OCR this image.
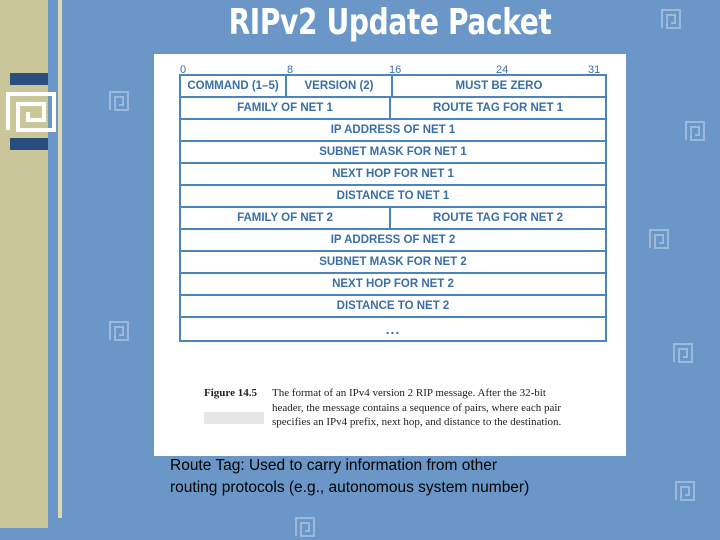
RIPv2 Update Packet
0	8	16	24	31
COMMAND (1–5)	VERSION (2)	MUST BE ZERO
FAMILY OF NET 1	ROUTE TAG FOR NET 1
IP ADDRESS OF NET 1
SUBNET MASK FOR NET 1
NEXT HOP FOR NET 1
DISTANCE TO NET 1
FAMILY OF NET 2	ROUTE TAG FOR NET 2
IP ADDRESS OF NET 2
SUBNET MASK FOR NET 2
NEXT HOP FOR NET 2
DISTANCE TO NET 2
...
Figure 14.5 The format of an IPv4 version 2 RIP message. After the 32-bit header, the message contains a sequence of pairs, where each pair specifies an IPv4 prefix, next hop, and distance to the destination.
Route Tag: Used to carry information from other
routing protocols (e.g., autonomous system number)
